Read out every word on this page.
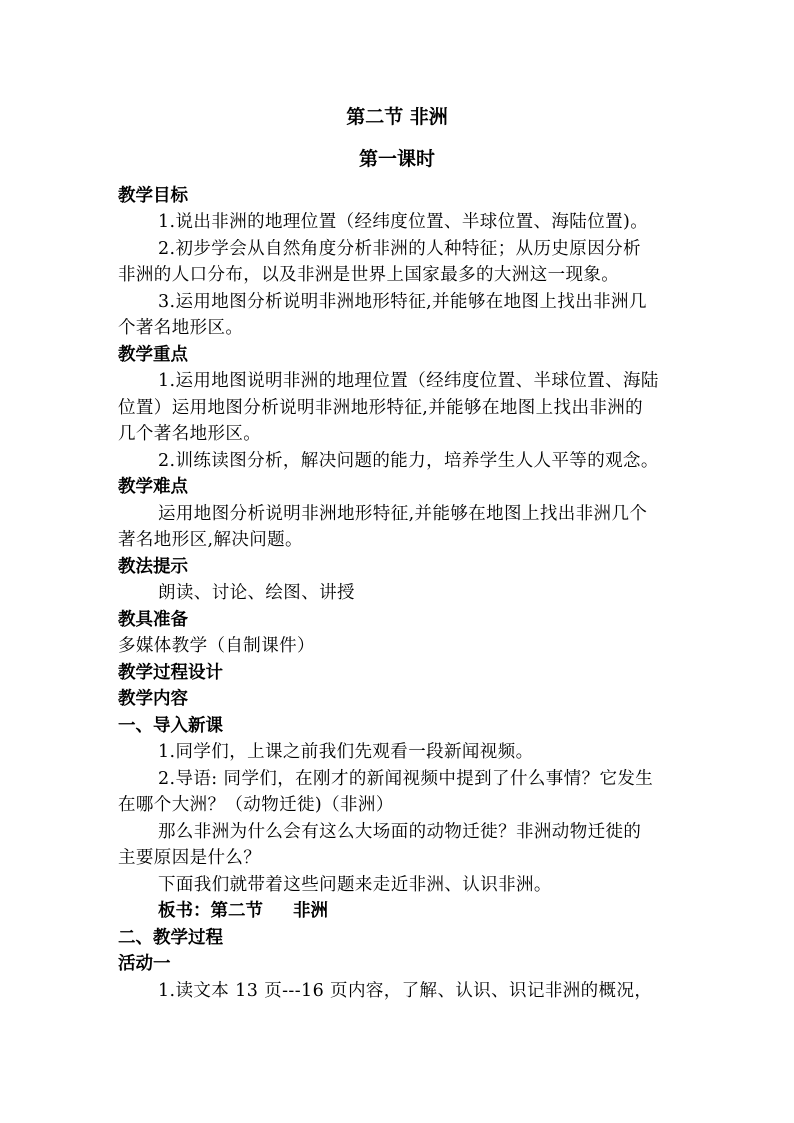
第二节 非洲
第一课时
教学目标
1.说出非洲的地理位置（经纬度位置、半球位置、海陆位置)。
2.初步学会从自然角度分析非洲的人种特征；从历史原因分析
非洲的人口分布，以及非洲是世界上国家最多的大洲这一现象。
3.运用地图分析说明非洲地形特征,并能够在地图上找出非洲几
个著名地形区。
教学重点
1.运用地图说明非洲的地理位置（经纬度位置、半球位置、海陆
位置）运用地图分析说明非洲地形特征,并能够在地图上找出非洲的
几个著名地形区。
2.训练读图分析，解决问题的能力，培养学生人人平等的观念。
教学难点
运用地图分析说明非洲地形特征,并能够在地图上找出非洲几个
著名地形区,解决问题。
教法提示
朗读、讨论、绘图、讲授
教具准备
多媒体教学（自制课件）
教学过程设计
教学内容
一、导入新课
1.同学们，上课之前我们先观看一段新闻视频。
2.导语: 同学们，在刚才的新闻视频中提到了什么事情？它发生
在哪个大洲？（动物迁徙)（非洲）
那么非洲为什么会有这么大场面的动物迁徙？非洲动物迁徙的
主要原因是什么？
下面我们就带着这些问题来走近非洲、认识非洲。
板书：第二节 非洲
二、教学过程
活动一
1.读文本 13 页---16 页内容，了解、认识、识记非洲的概况，
